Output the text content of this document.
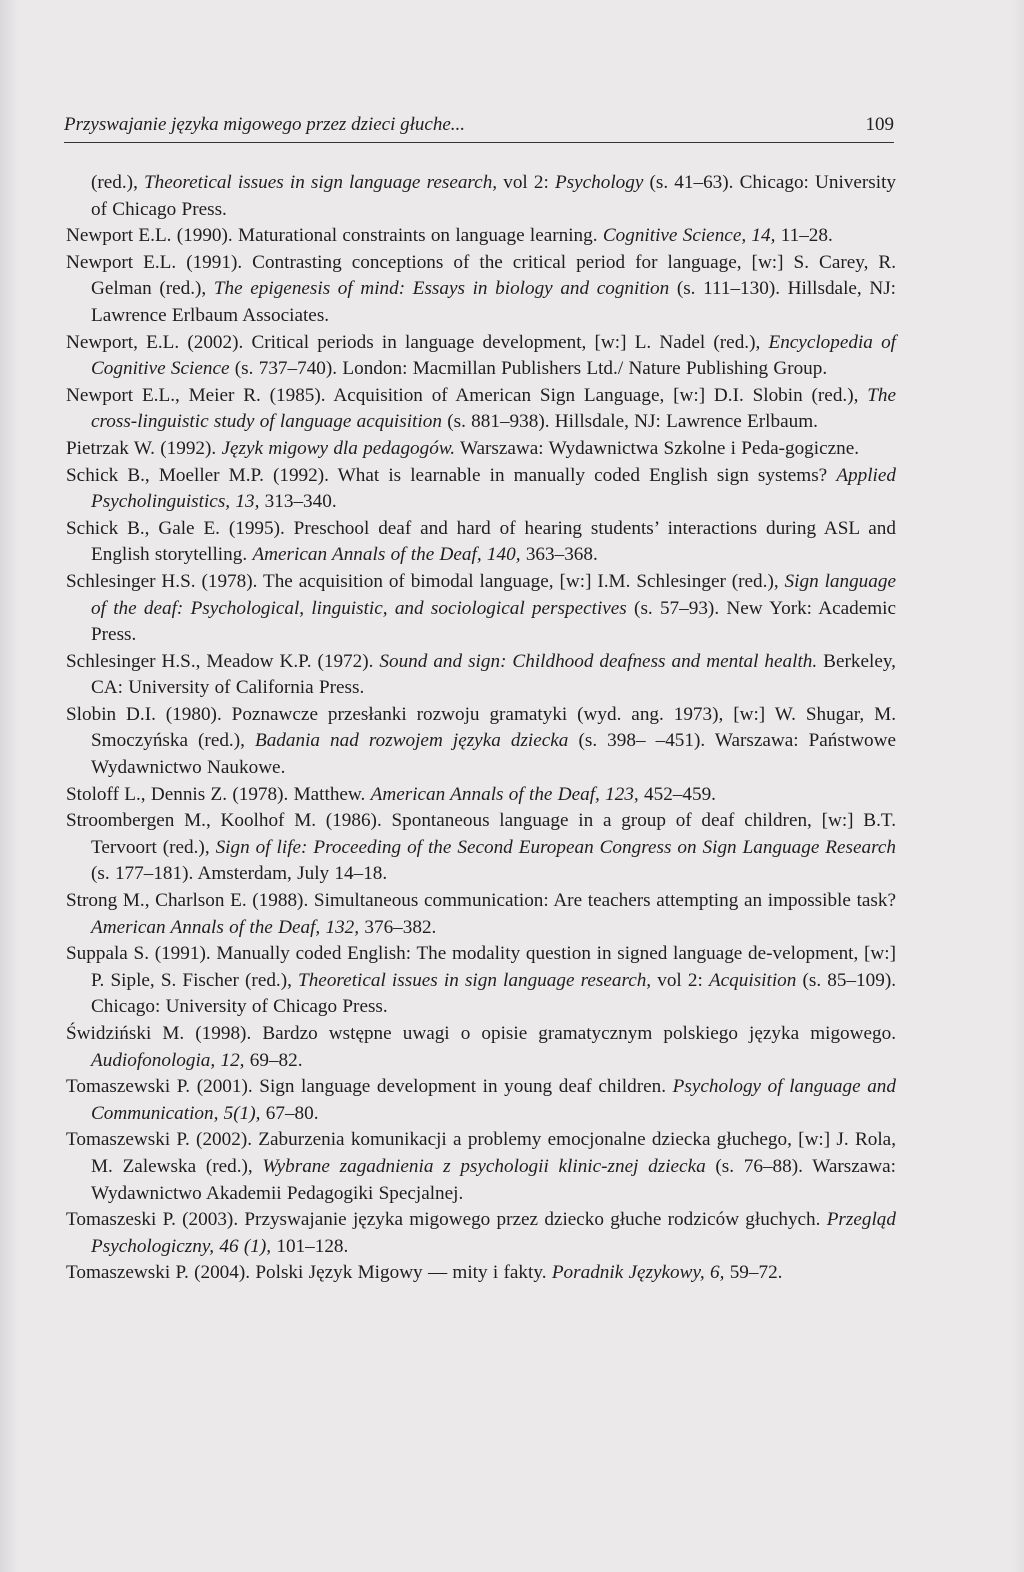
Przyswajanie języka migowego przez dzieci głuche...	109
(red.), Theoretical issues in sign language research, vol 2: Psychology (s. 41–63). Chicago: University of Chicago Press.
Newport E.L. (1990). Maturational constraints on language learning. Cognitive Science, 14, 11–28.
Newport E.L. (1991). Contrasting conceptions of the critical period for language, [w:] S. Carey, R. Gelman (red.), The epigenesis of mind: Essays in biology and cognition (s. 111–130). Hillsdale, NJ: Lawrence Erlbaum Associates.
Newport, E.L. (2002). Critical periods in language development, [w:] L. Nadel (red.), Encyclopedia of Cognitive Science (s. 737–740). London: Macmillan Publishers Ltd./ Nature Publishing Group.
Newport E.L., Meier R. (1985). Acquisition of American Sign Language, [w:] D.I. Slobin (red.), The cross-linguistic study of language acquisition (s. 881–938). Hillsdale, NJ: Lawrence Erlbaum.
Pietrzak W. (1992). Język migowy dla pedagogów. Warszawa: Wydawnictwa Szkolne i Peda-gogiczne.
Schick B., Moeller M.P. (1992). What is learnable in manually coded English sign systems? Applied Psycholinguistics, 13, 313–340.
Schick B., Gale E. (1995). Preschool deaf and hard of hearing students’ interactions during ASL and English storytelling. American Annals of the Deaf, 140, 363–368.
Schlesinger H.S. (1978). The acquisition of bimodal language, [w:] I.M. Schlesinger (red.), Sign language of the deaf: Psychological, linguistic, and sociological perspectives (s. 57–93). New York: Academic Press.
Schlesinger H.S., Meadow K.P. (1972). Sound and sign: Childhood deafness and mental health. Berkeley, CA: University of California Press.
Slobin D.I. (1980). Poznawcze przesłanki rozwoju gramatyki (wyd. ang. 1973), [w:] W. Shugar, M. Smoczyńska (red.), Badania nad rozwojem języka dziecka (s. 398– –451). Warszawa: Państwowe Wydawnictwo Naukowe.
Stoloff L., Dennis Z. (1978). Matthew. American Annals of the Deaf, 123, 452–459.
Stroombergen M., Koolhof M. (1986). Spontaneous language in a group of deaf children, [w:] B.T. Tervoort (red.), Sign of life: Proceeding of the Second European Congress on Sign Language Research (s. 177–181). Amsterdam, July 14–18.
Strong M., Charlson E. (1988). Simultaneous communication: Are teachers attempting an impossible task? American Annals of the Deaf, 132, 376–382.
Suppala S. (1991). Manually coded English: The modality question in signed language de-velopment, [w:] P. Siple, S. Fischer (red.), Theoretical issues in sign language research, vol 2: Acquisition (s. 85–109). Chicago: University of Chicago Press.
Świdziński M. (1998). Bardzo wstępne uwagi o opisie gramatycznym polskiego języka migowego. Audiofonologia, 12, 69–82.
Tomaszewski P. (2001). Sign language development in young deaf children. Psychology of language and Communication, 5(1), 67–80.
Tomaszewski P. (2002). Zaburzenia komunikacji a problemy emocjonalne dziecka głuchego, [w:] J. Rola, M. Zalewska (red.), Wybrane zagadnienia z psychologii klinic-znej dziecka (s. 76–88). Warszawa: Wydawnictwo Akademii Pedagogiki Specjalnej.
Tomaszeski P. (2003). Przyswajanie języka migowego przez dziecko głuche rodziców głuchych. Przegląd Psychologiczny, 46 (1), 101–128.
Tomaszewski P. (2004). Polski Język Migowy — mity i fakty. Poradnik Językowy, 6, 59–72.
